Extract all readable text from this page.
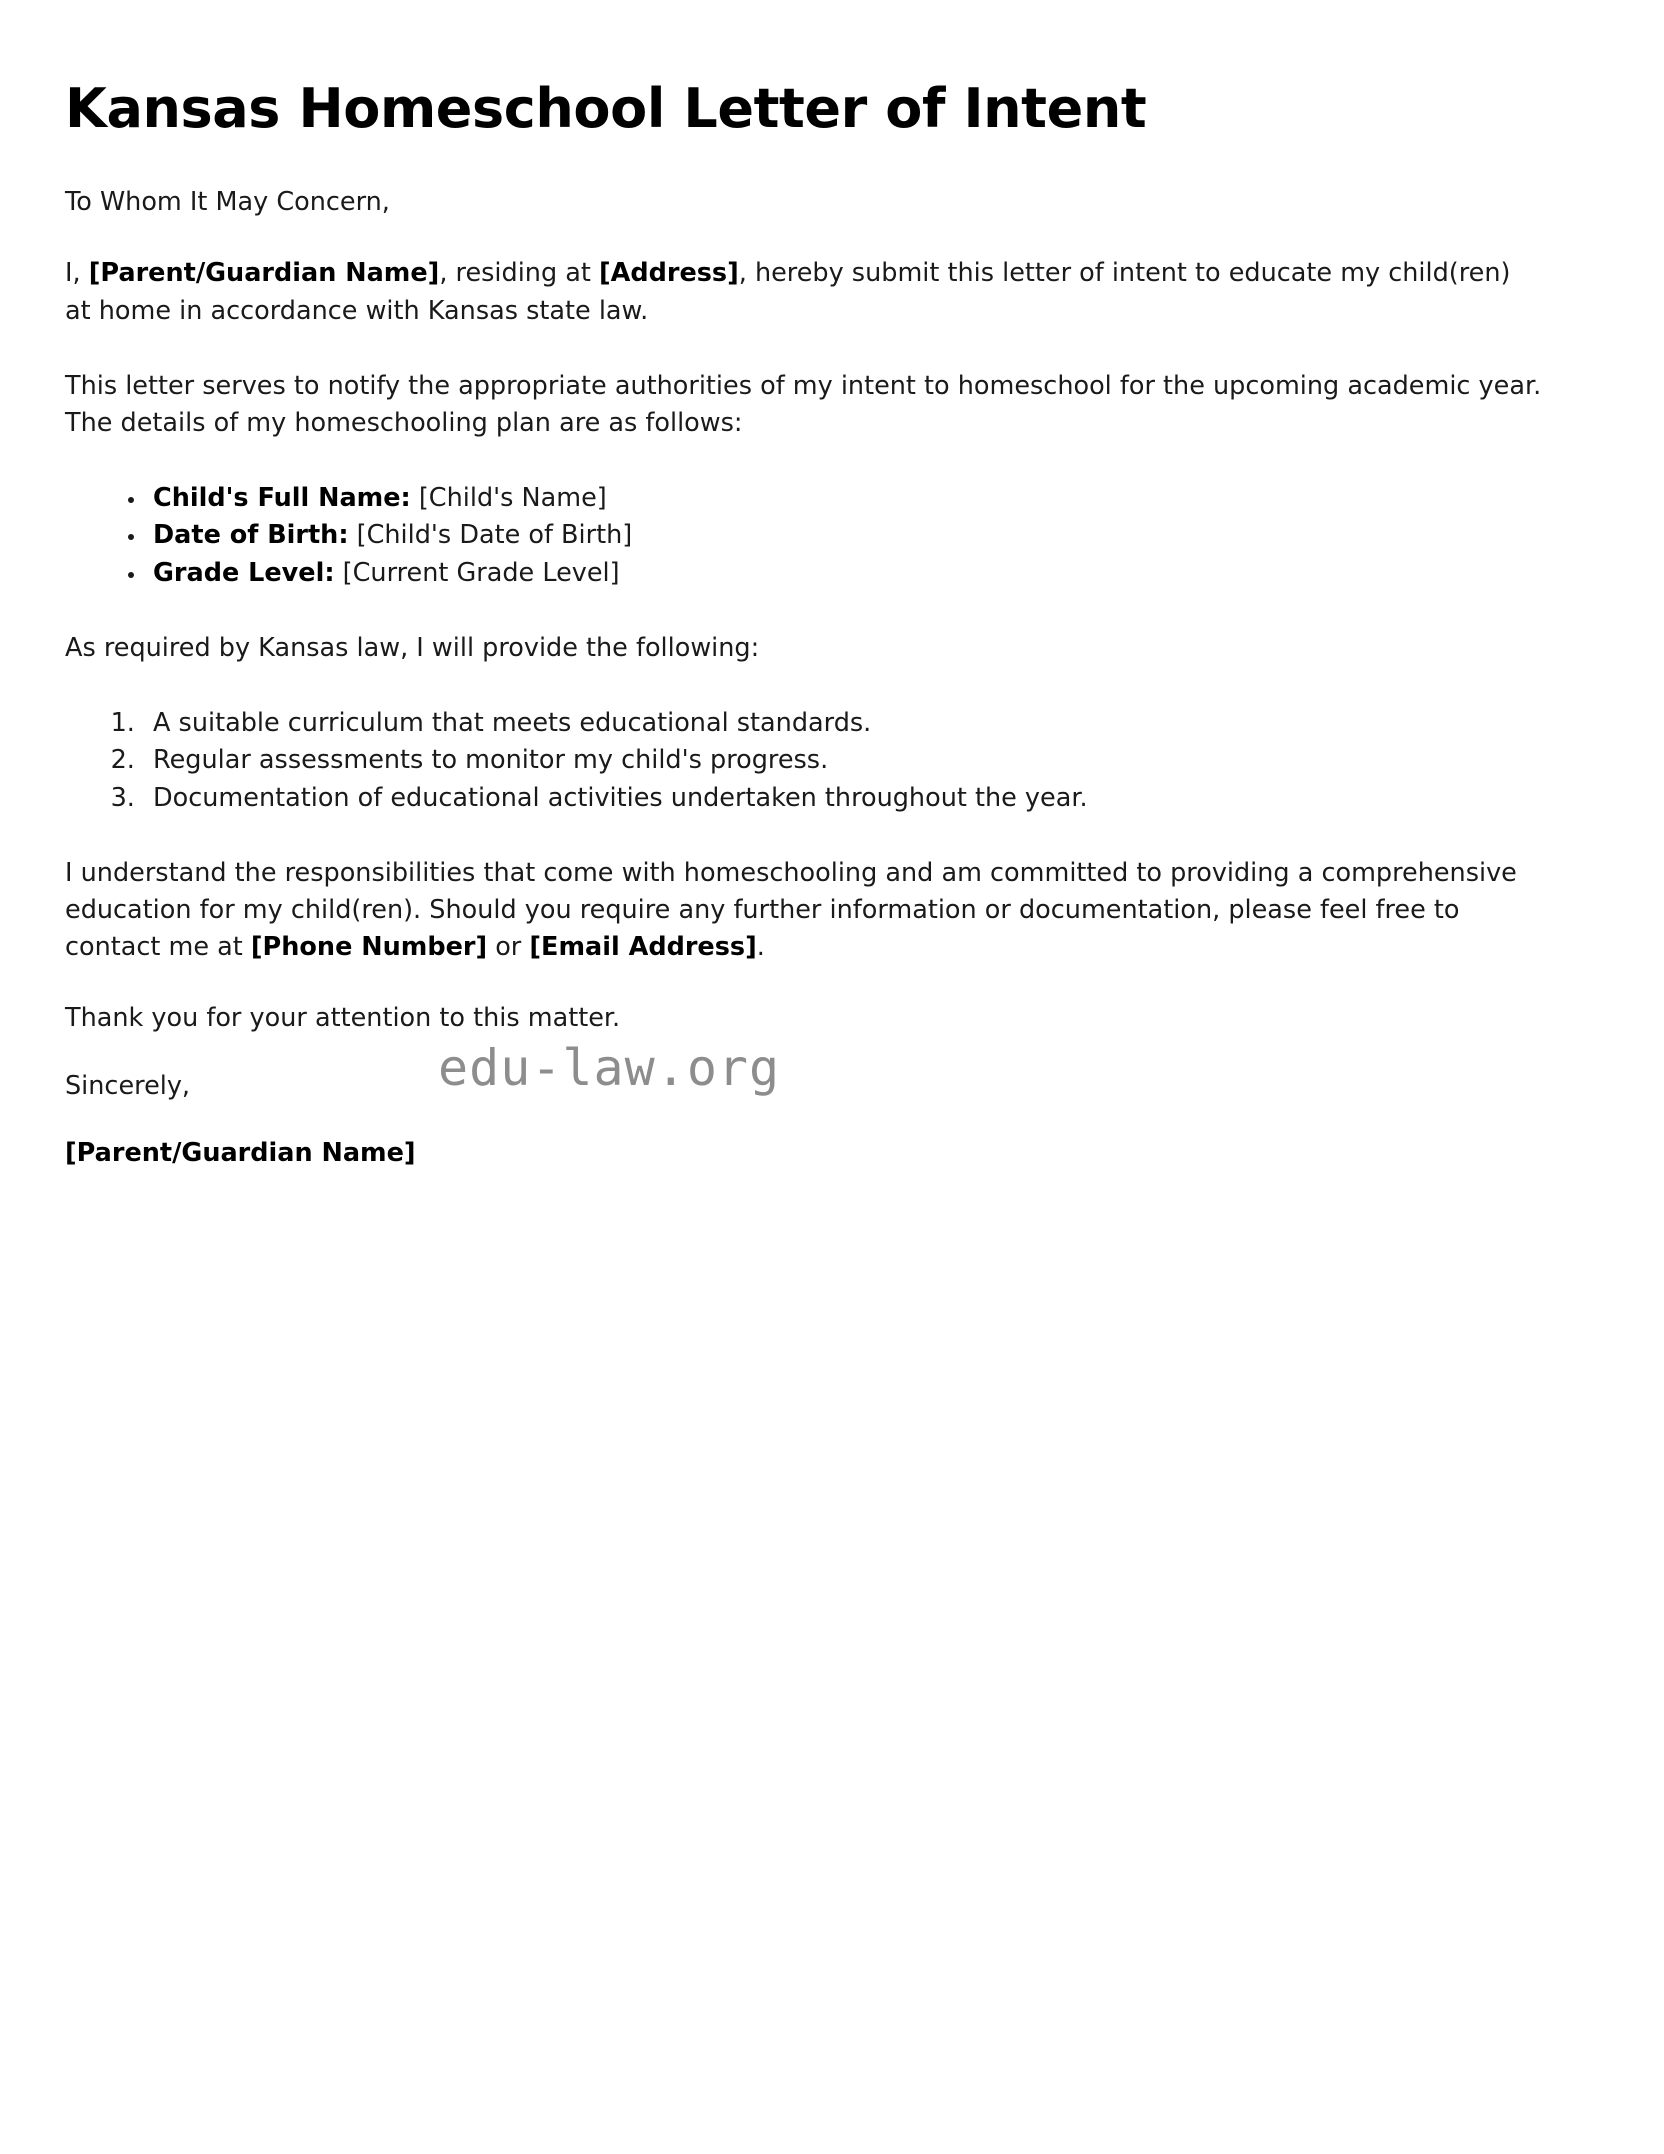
Kansas Homeschool Letter of Intent

To Whom It May Concern,

I, [Parent/Guardian Name], residing at [Address], hereby submit this letter of intent to educate my child(ren) at home in accordance with Kansas state law.

This letter serves to notify the appropriate authorities of my intent to homeschool for the upcoming academic year. The details of my homeschooling plan are as follows:

• Child's Full Name: [Child's Name]
• Date of Birth: [Child's Date of Birth]
• Grade Level: [Current Grade Level]

As required by Kansas law, I will provide the following:

1. A suitable curriculum that meets educational standards.
2. Regular assessments to monitor my child's progress.
3. Documentation of educational activities undertaken throughout the year.

I understand the responsibilities that come with homeschooling and am committed to providing a comprehensive education for my child(ren). Should you require any further information or documentation, please feel free to contact me at [Phone Number] or [Email Address].

Thank you for your attention to this matter.

Sincerely,

[Parent/Guardian Name]

edu-law.org
